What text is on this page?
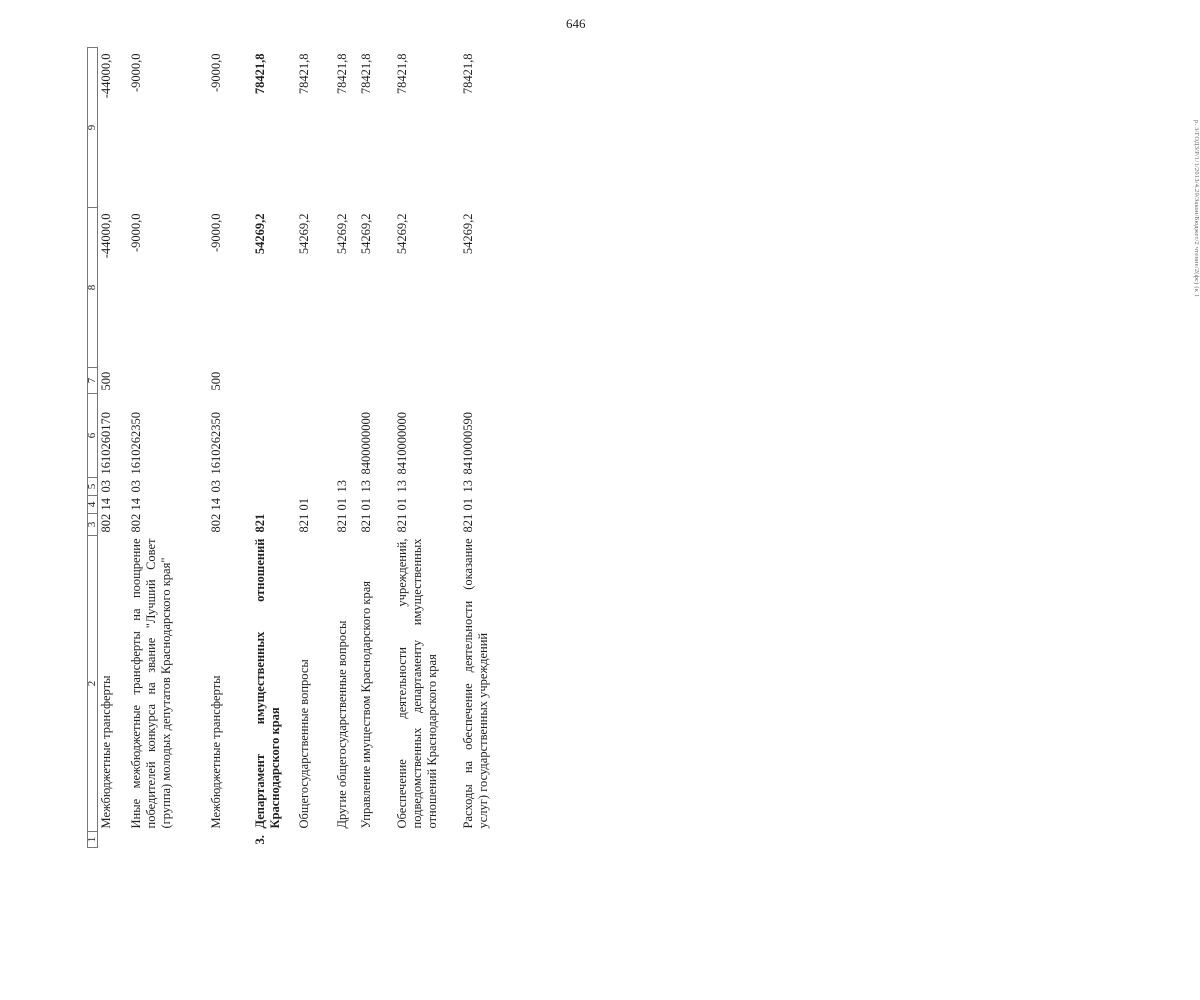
646
р. 3/ГОДЗ/Р/1/1/2013/4.29/Закон/Бюджет/2 чтение/2(фс) (к 1
1	2	3	4	5	6	7	8	9
	Межбюджетные трансферты	802	14	03	1610260170	500	-44000,0	-44000,0
	Иные межбюджетные трансферты на поощрение победителей конкурса на звание "Лучший Совет (группа) молодых депутатов Краснодарского края"	802	14	03	1610262350		-9000,0	-9000,0
	Межбюджетные трансферты	802	14	03	1610262350	500	-9000,0	-9000,0
3.	Департамент имущественных отношений Краснодарского края	821					54269,2	78421,8
	Общегосударственные вопросы	821	01				54269,2	78421,8
	Другие общегосударственные вопросы	821	01	13			54269,2	78421,8
	Управление имуществом Краснодарского края	821	01	13	8400000000		54269,2	78421,8
	Обеспечение деятельности учреждений, подведомственных департаменту имущественных отношений Краснодарского края	821	01	13	8410000000		54269,2	78421,8
	Расходы на обеспечение деятельности (оказание услуг) государственных учреждений	821	01	13	8410000590		54269,2	78421,8
